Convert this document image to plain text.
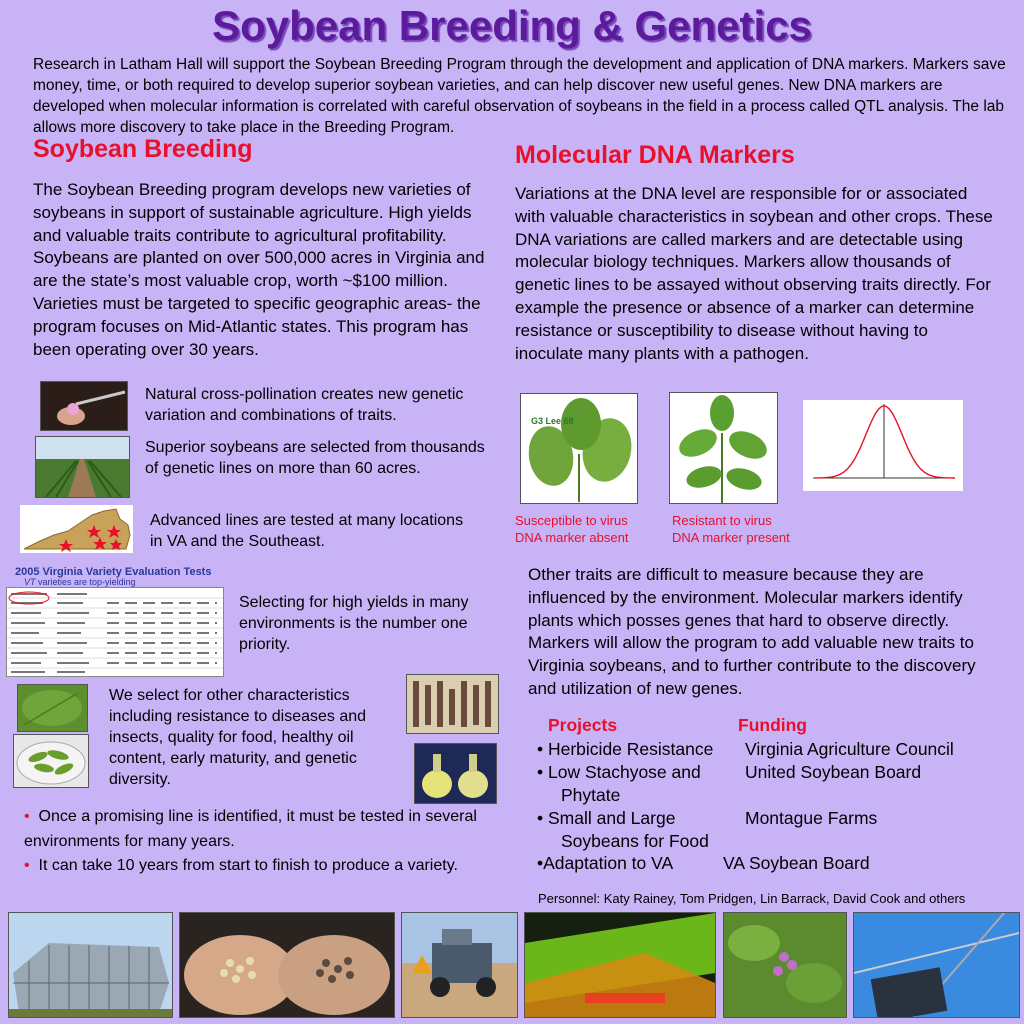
Soybean Breeding & Genetics
Research in Latham Hall will support the Soybean Breeding Program through the development and application of DNA markers. Markers save money, time, or both required to develop superior soybean varieties, and can help discover new useful genes. New DNA markers are developed when molecular information is correlated with careful observation of soybeans in the field in a process called QTL analysis. The lab allows more discovery to take place in the Breeding Program.
Soybean Breeding
The Soybean Breeding program develops new varieties of soybeans in support of sustainable agriculture. High yields and valuable traits contribute to agricultural profitability. Soybeans are planted on over 500,000 acres in Virginia and are the state’s most valuable crop, worth ~$100 million. Varieties must be targeted to specific geographic areas- the program focuses on Mid-Atlantic states. This program has been operating over 30 years.
Natural cross-pollination creates new genetic variation and combinations of traits.
Superior soybeans are selected from thousands of genetic lines on more than 60 acres.
Advanced lines are tested at many locations in VA and the Southeast.
2005 Virginia Variety Evaluation Tests
VT varieties are top-yielding
Selecting for high yields in many environments is the number one priority.
We select for other characteristics including resistance to diseases and insects, quality for food, healthy oil content, early maturity, and genetic diversity.
• Once a promising line is identified, it must be tested in several environments for many years.
• It can take 10 years from start to finish to produce a variety.
Molecular DNA Markers
Variations at the DNA level are responsible for or associated with valuable characteristics in soybean and other crops. These DNA variations are called markers and are detectable using molecular biology techniques. Markers allow thousands of genetic lines to be assayed without observing traits directly. For example the presence or absence of a marker can determine resistance or susceptibility to disease without having to inoculate many plants with a pathogen.
G3 Lee 68
Susceptible to virus
DNA marker absent
Resistant to virus
DNA marker present
Other traits are difficult to measure because they are influenced by the environment. Molecular markers identify plants which posses genes that hard to observe directly. Markers will allow the program to add valuable new traits to Virginia soybeans, and to further contribute to the discovery and utilization of new genes.
Projects	Funding
• Herbicide Resistance Virginia Agriculture Council
• Low Stachyose and
Phytate
United Soybean Board
• Small and Large
Soybeans for Food
Montague Farms
•Adaptation to VA	VA Soybean Board
Personnel: Katy Rainey, Tom Pridgen, Lin Barrack, David Cook and others
